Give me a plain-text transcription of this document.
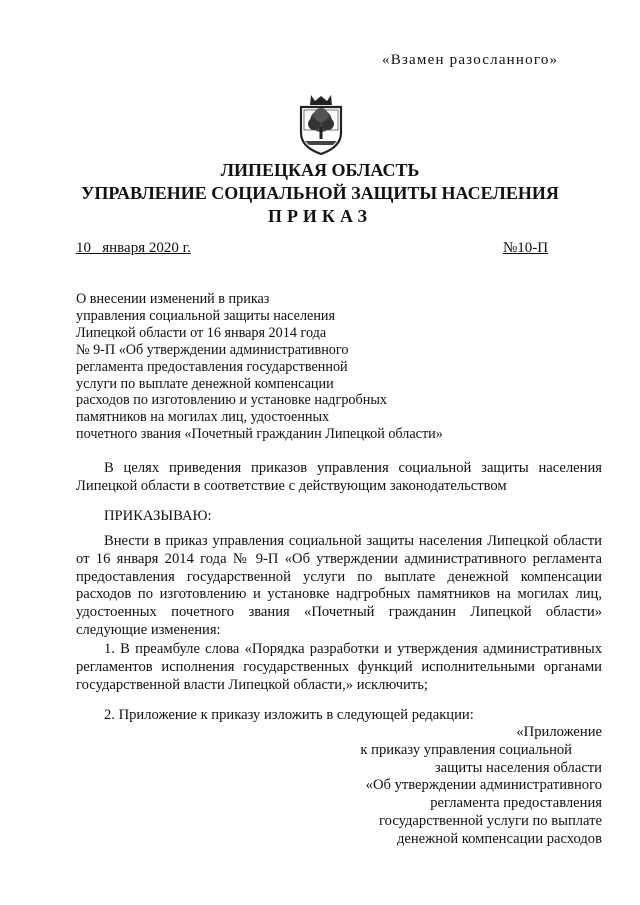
«Взамен разосланного»
ЛИПЕЦКАЯ ОБЛАСТЬ
УПРАВЛЕНИЕ СОЦИАЛЬНОЙ ЗАЩИТЫ НАСЕЛЕНИЯ
ПРИКАЗ
10   января 2020 г.	№10-П
О внесении изменений в приказ
управления социальной защиты населения
Липецкой области от 16 января 2014 года
№ 9-П «Об утверждении административного
регламента предоставления государственной
услуги по выплате денежной компенсации
расходов по изготовлению и установке надгробных
памятников на могилах лиц, удостоенных
почетного звания «Почетный гражданин Липецкой области»
В целях приведения приказов управления социальной защиты населения Липецкой области в соответствие с действующим законодательством
ПРИКАЗЫВАЮ:
Внести в приказ управления социальной защиты населения Липецкой области от 16 января 2014 года № 9-П «Об утверждении административного регламента предоставления государственной услуги по выплате денежной компенсации расходов по изготовлению и установке надгробных памятников на могилах лиц, удостоенных почетного звания «Почетный гражданин Липецкой области» следующие изменения:
1. В преамбуле слова «Порядка разработки и утверждения административных регламентов исполнения государственных функций исполнительными органами государственной власти Липецкой области,» исключить;
2. Приложение к приказу изложить в следующей редакции:
«Приложение
к приказу управления социальной
защиты населения области
«Об утверждении административного
регламента предоставления
государственной услуги по выплате
денежной компенсации расходов
